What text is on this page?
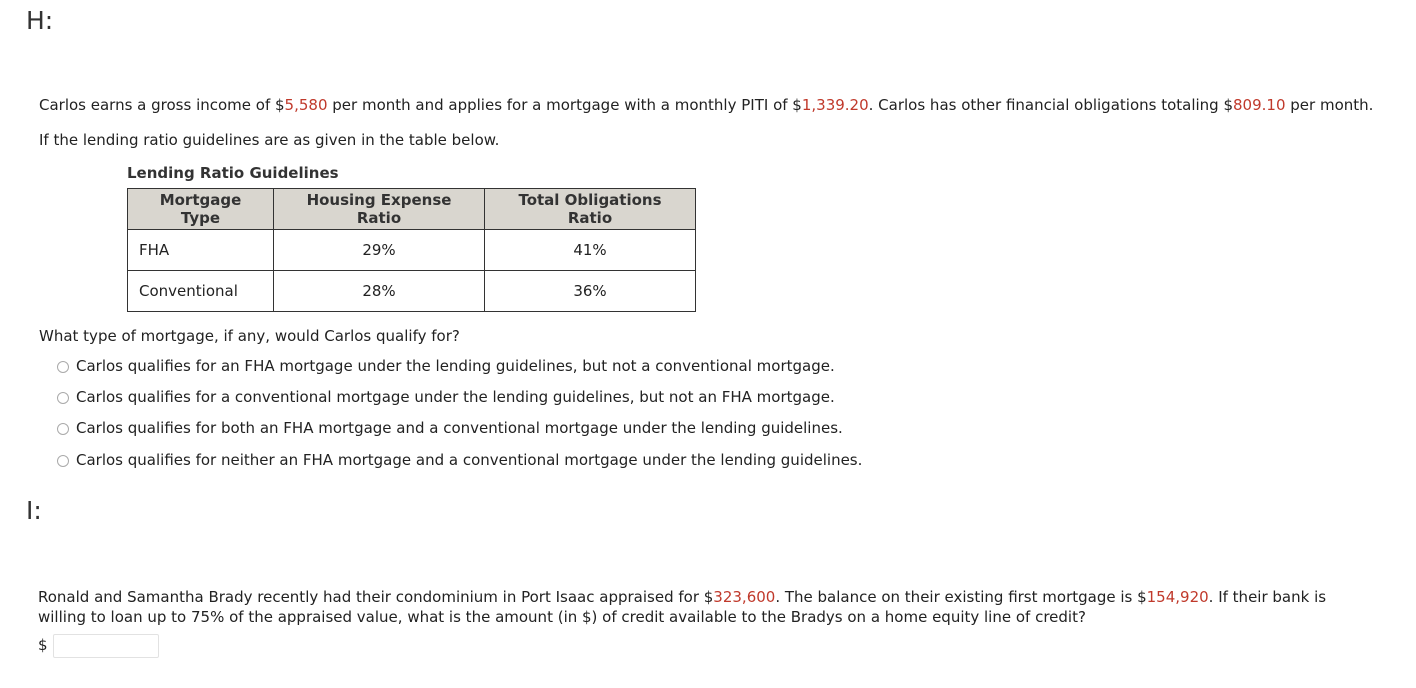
H:
Carlos earns a gross income of $5,580 per month and applies for a mortgage with a monthly PITI of $1,339.20. Carlos has other financial obligations totaling $809.10 per month.
If the lending ratio guidelines are as given in the table below.
Lending Ratio Guidelines
Mortgage Type	Housing Expense Ratio	Total Obligations Ratio
FHA	29%	41%
Conventional	28%	36%
What type of mortgage, if any, would Carlos qualify for?
Carlos qualifies for an FHA mortgage under the lending guidelines, but not a conventional mortgage.
Carlos qualifies for a conventional mortgage under the lending guidelines, but not an FHA mortgage.
Carlos qualifies for both an FHA mortgage and a conventional mortgage under the lending guidelines.
Carlos qualifies for neither an FHA mortgage and a conventional mortgage under the lending guidelines.
I:
Ronald and Samantha Brady recently had their condominium in Port Isaac appraised for $323,600. The balance on their existing first mortgage is $154,920. If their bank is willing to loan up to 75% of the appraised value, what is the amount (in $) of credit available to the Bradys on a home equity line of credit?
$
